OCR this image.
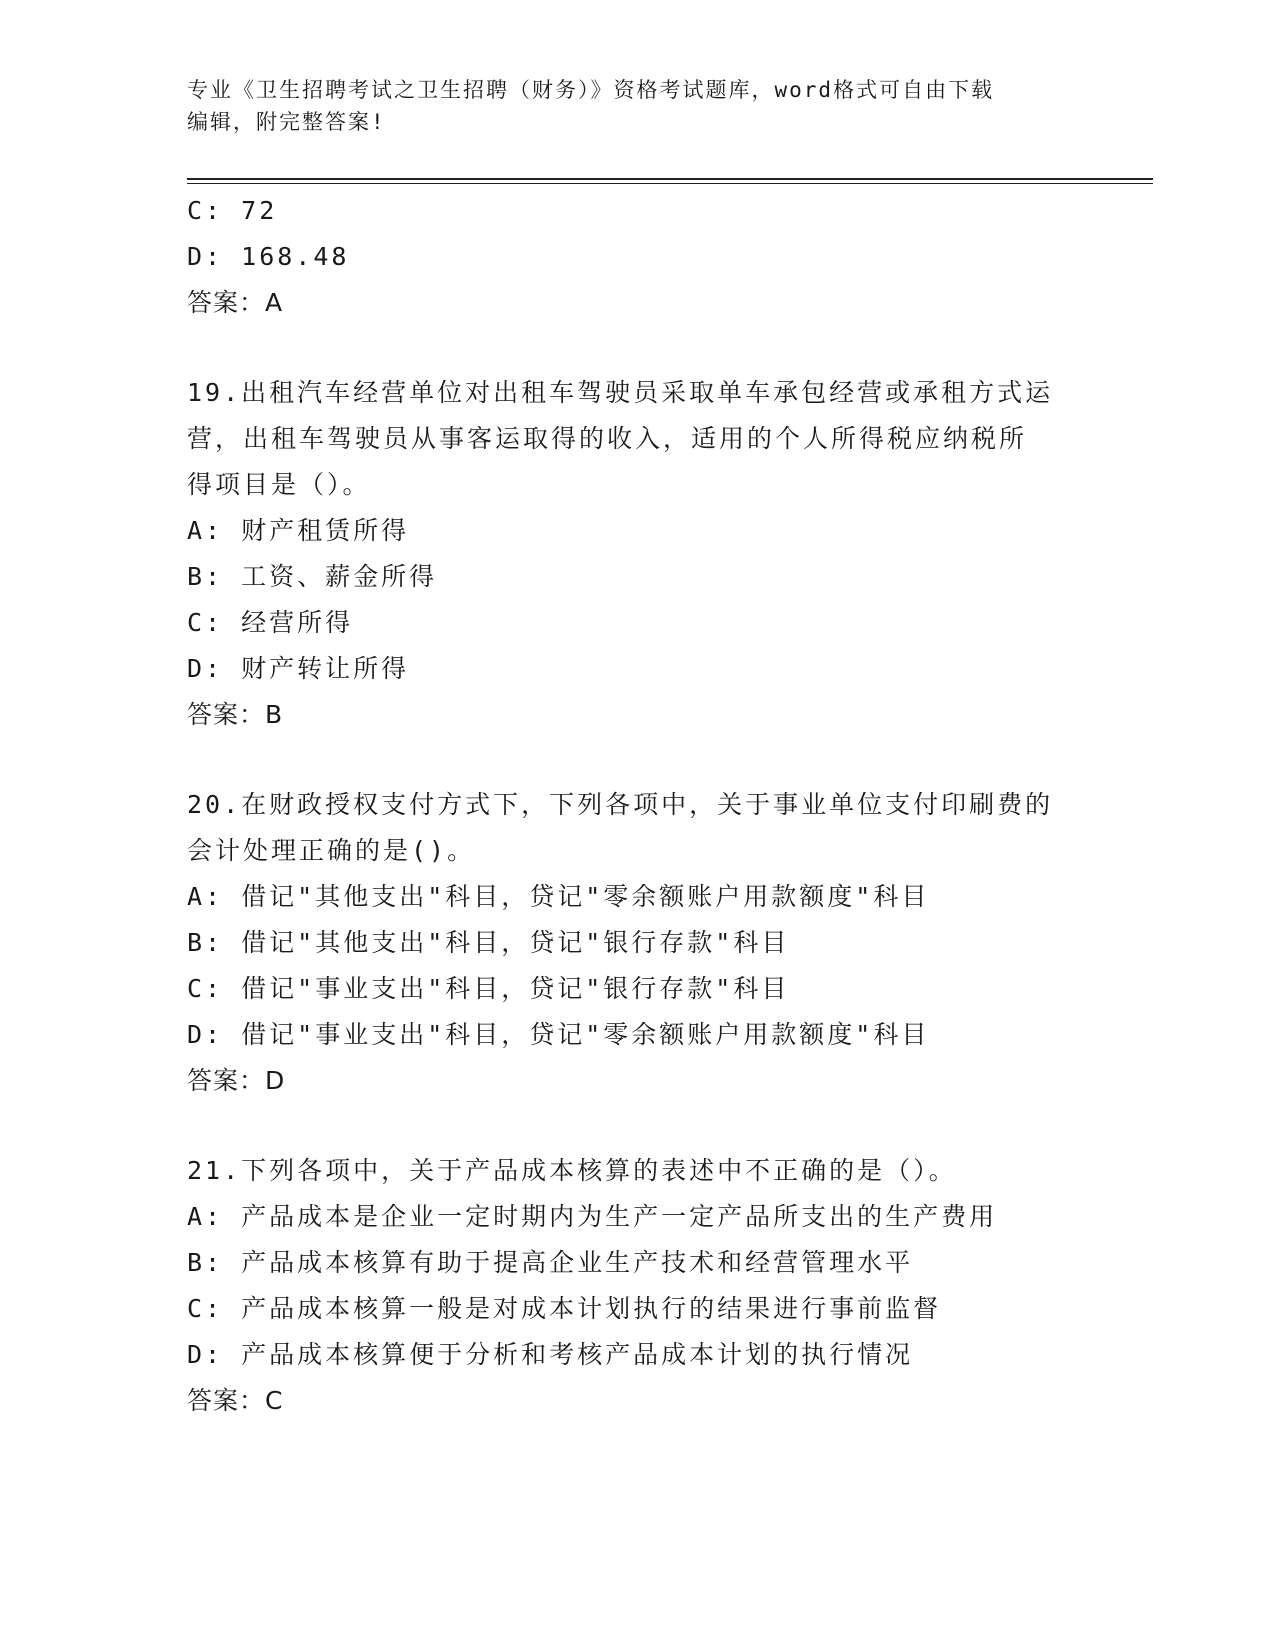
专业《卫生招聘考试之卫生招聘（财务）》资格考试题库，word格式可自由下载
编辑，附完整答案!
C: 72
D: 168.48
答案：A
19.出租汽车经营单位对出租车驾驶员采取单车承包经营或承租方式运
营，出租车驾驶员从事客运取得的收入，适用的个人所得税应纳税所
得项目是（）。
A: 财产租赁所得
B: 工资、薪金所得
C: 经营所得
D: 财产转让所得
答案：B
20.在财政授权支付方式下，下列各项中，关于事业单位支付印刷费的
会计处理正确的是()。
A: 借记"其他支出"科目，贷记"零余额账户用款额度"科目
B: 借记"其他支出"科目，贷记"银行存款"科目
C: 借记"事业支出"科目，贷记"银行存款"科目
D: 借记"事业支出"科目，贷记"零余额账户用款额度"科目
答案：D
21.下列各项中，关于产品成本核算的表述中不正确的是（）。
A: 产品成本是企业一定时期内为生产一定产品所支出的生产费用
B: 产品成本核算有助于提高企业生产技术和经营管理水平
C: 产品成本核算一般是对成本计划执行的结果进行事前监督
D: 产品成本核算便于分析和考核产品成本计划的执行情况
答案：C
